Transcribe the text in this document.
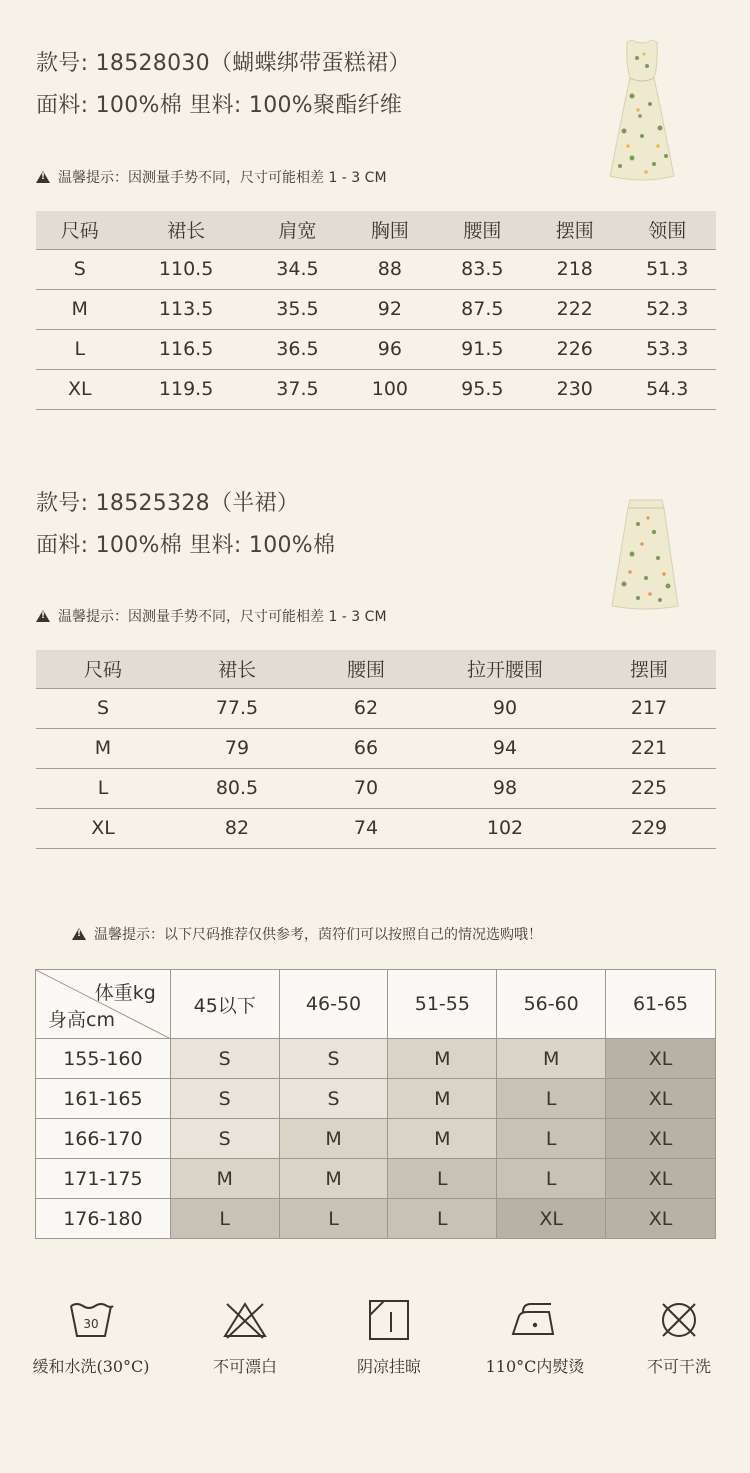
款号: 18528030（蝴蝶绑带蛋糕裙）
面料: 100%棉 里料: 100%聚酯纤维
!
温馨提示：因测量手势不同，尺寸可能相差 1 - 3 CM
尺码	裙长	肩宽	胸围	腰围	摆围	领围
S	110.5	34.5	88	83.5	218	51.3
M	113.5	35.5	92	87.5	222	52.3
L	116.5	36.5	96	91.5	226	53.3
XL	119.5	37.5	100	95.5	230	54.3
款号: 18525328（半裙）
面料: 100%棉 里料: 100%棉
!
温馨提示：因测量手势不同，尺寸可能相差 1 - 3 CM
尺码	裙长	腰围	拉开腰围	摆围
S	77.5	62	90	217
M	79	66	94	221
L	80.5	70	98	225
XL	82	74	102	229
!
温馨提示：以下尺码推荐仅供参考，茵符们可以按照自己的情况选购哦！
体重kg
身高cm	45以下	46-50	51-55	56-60	61-65
155-160	S	S	M	M	XL
161-165	S	S	M	L	XL
166-170	S	M	M	L	XL
171-175	M	M	L	L	XL
176-180	L	L	L	XL	XL
30
缓和水洗(30°C)	不可漂白	阴凉挂晾	110°C内熨烫	不可干洗
